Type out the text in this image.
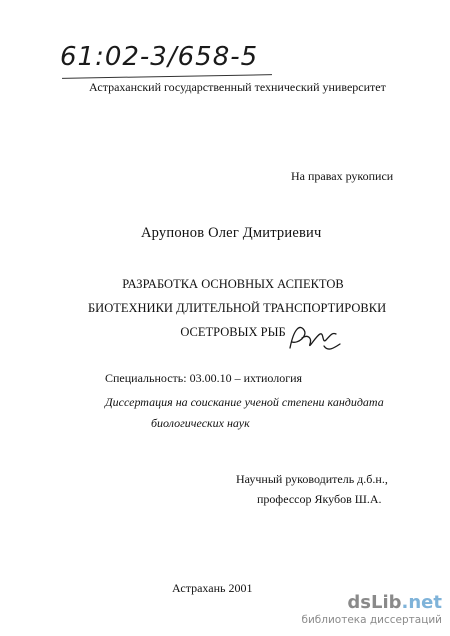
61:02-3/658-5
Астраханский государственный технический университет
На правах рукописи
Арупонов Олег Дмитриевич
РАЗРАБОТКА ОСНОВНЫХ АСПЕКТОВ
БИОТЕХНИКИ ДЛИТЕЛЬНОЙ ТРАНСПОРТИРОВКИ
ОСЕТРОВЫХ РЫБ
Специальность: 03.00.10 – ихтиология
Диссертация на соискание ученой степени кандидата
биологических наук
Научный руководитель д.б.н.,
профессор Якубов Ш.А.
Астрахань 2001
dsLib.net
библиотека диссертаций
